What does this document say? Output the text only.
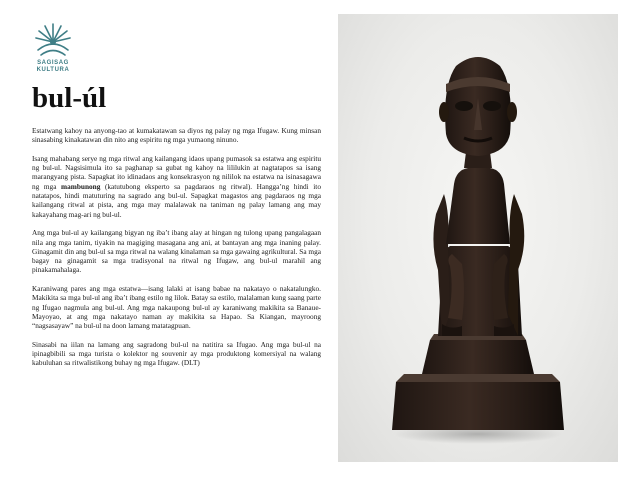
SAGISAG
KULTURA
bul-úl

Estatwang kahoy na anyong-tao at kumakatawan sa diyos ng palay ng mga Ifugaw. Kung minsan sinasabing kinakatawan din nito ang espiritu ng mga yumaong ninuno.

Isang mahabang serye ng mga ritwal ang kailangang idaos upang pumasok sa estatwa ang espiritu ng bul-ul. Nagsisimula ito sa paghanap sa gubat ng kahoy na lililukin at nagtatapos sa isang marangyang pista. Sapagkat ito idinadaos ang konsekrasyon ng nililok na estatwa na isinasagawa ng mga mambunong (katutubong eksperto sa pagdaraos ng ritwal). Hangga’ng hindi ito natatapos, hindi matuturing na sagrado ang bul-ul. Sapagkat magastos ang pagdaraos ng mga kailangang ritwal at pista, ang mga may malalawak na taniman ng palay lamang ang may kakayahang mag-ari ng bul-ul.

Ang mga bul-ul ay kailangang bigyan ng iba’t ibang alay at hingan ng tulong upang pangalagaan nila ang mga tanim, tiyakin na magiging masagana ang ani, at bantayan ang mga inaning palay. Ginagamit din ang bul-ul sa mga ritwal na walang kinalaman sa mga gawaing agrikultural. Sa mga bagay na ginagamit sa mga tradisyonal na ritwal ng Ifugaw, ang bul-ul marahil ang pinakamahalaga.

Karaniwang pares ang mga estatwa—isang lalaki at isang babae na nakatayo o nakatalungko. Makikita sa mga bul-ul ang iba’t ibang estilo ng lilok. Batay sa estilo, malalaman kung saang parte ng Ifugao nagmula ang bul-ul. Ang mga nakaupong bul-ul ay karaniwang makikita sa Banaue-Mayoyao, at ang mga nakatayo naman ay makikita sa Hapao. Sa Kiangan, mayroong “nagsasayaw” na bul-ul na doon lamang matatagpuan.

Sinasabi na iilan na lamang ang sagradong bul-ul na natitira sa Ifugao. Ang mga bul-ul na ipinagbibili sa mga turista o kolektor ng souvenir ay mga produktong komersiyal na walang kabuluhan sa ritwalistikong buhay ng mga Ifugaw. (DLT)
